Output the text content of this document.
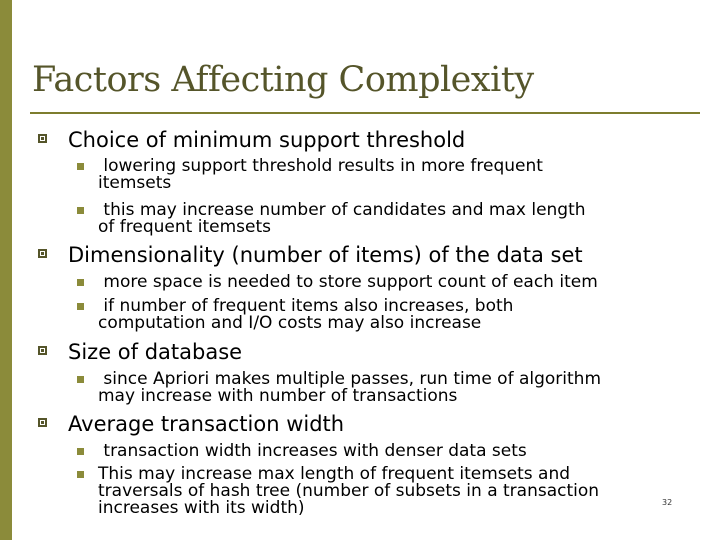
Factors Affecting Complexity
Choice of minimum support threshold
lowering support threshold results in more frequent
itemsets
this may increase number of candidates and max length
of frequent itemsets
Dimensionality (number of items) of the data set
more space is needed to store support count of each item
if number of frequent items also increases, both
computation and I/O costs may also increase
Size of database
since Apriori makes multiple passes, run time of algorithm
may increase with number of transactions
Average transaction width
transaction width increases with denser data sets
This may increase max length of frequent itemsets and
traversals of hash tree (number of subsets in a transaction
increases with its width)	32
